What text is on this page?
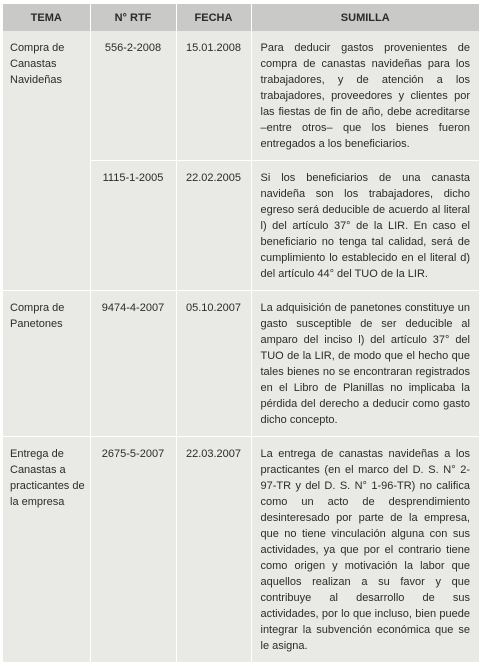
TEMA	N° RTF	FECHA	SUMILLA
Compra de Canastas Navideñas	556-2-2008	15.01.2008	Para deducir gastos provenientes de compra de canastas navideñas para los trabajadores, y de atención a los trabajadores, proveedores y clientes por las fiestas de fin de año, debe acreditarse –entre otros– que los bienes fueron entregados a los beneficiarios.
	1115-1-2005	22.02.2005	Si los beneficiarios de una canasta navideña son los trabajadores, dicho egreso será deducible de acuerdo al literal l) del artículo 37° de la LIR. En caso el beneficiario no tenga tal calidad, será de cumplimiento lo establecido en el literal d) del artículo 44° del TUO de la LIR.
Compra de Panetones	9474-4-2007	05.10.2007	La adquisición de panetones constituye un gasto susceptible de ser deducible al amparo del inciso l) del artículo 37° del TUO de la LIR, de modo que el hecho que tales bienes no se encontraran registrados en el Libro de Planillas no implicaba la pérdida del derecho a deducir como gasto dicho concepto.
Entrega de Canastas a practicantes de la empresa	2675-5-2007	22.03.2007	La entrega de canastas navideñas a los practicantes (en el marco del D. S. N° 2-97-TR y del D. S. N° 1-96-TR) no califica como un acto de desprendimiento desinteresado por parte de la empresa, que no tiene vinculación alguna con sus actividades, ya que por el contrario tiene como origen y motivación la labor que aquellos realizan a su favor y que contribuye al desarrollo de sus actividades, por lo que incluso, bien puede integrar la subvención económica que se le asigna.
